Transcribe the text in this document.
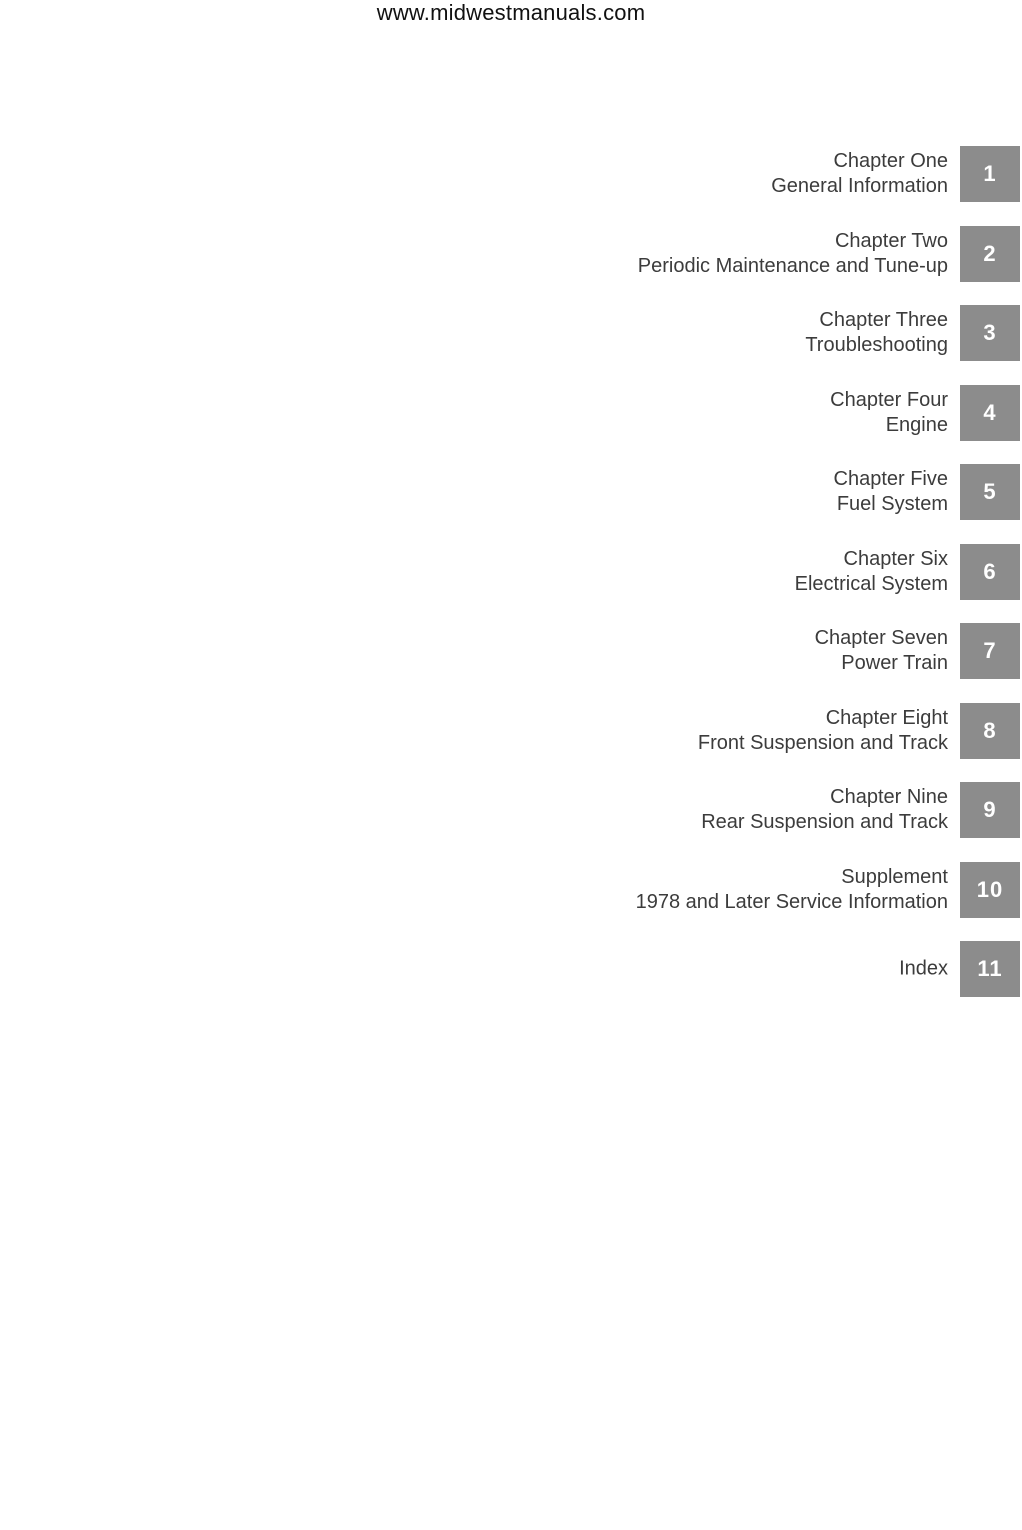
www.midwestmanuals.com
Chapter One
General Information	1
Chapter Two
Periodic Maintenance and Tune-up	2
Chapter Three
Troubleshooting	3
Chapter Four
Engine	4
Chapter Five
Fuel System	5
Chapter Six
Electrical System	6
Chapter Seven
Power Train	7
Chapter Eight
Front Suspension and Track	8
Chapter Nine
Rear Suspension and Track	9
Supplement
1978 and Later Service Information	10
Index	11
